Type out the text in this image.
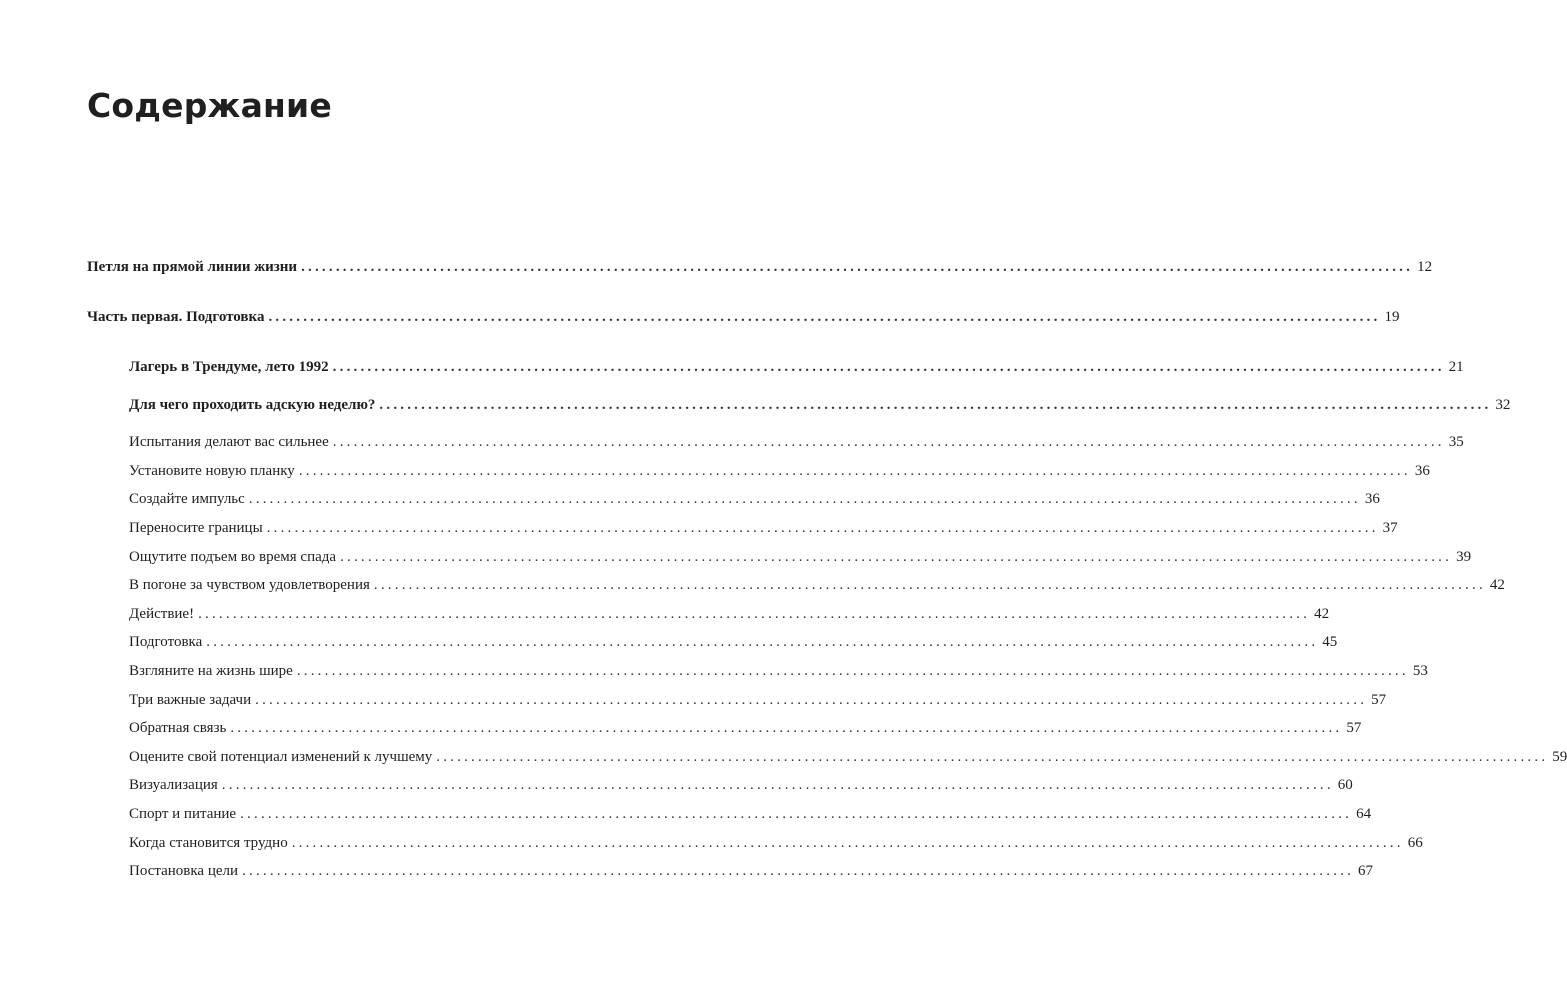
Содержание
Петля на прямой линии жизни ................................................................................................................................................................ 12
Часть первая. Подготовка ................................................................................................................................................................ 19
Лагерь в Трендуме, лето 1992 ................................................................................................................................................................ 21
Для чего проходить адскую неделю? ................................................................................................................................................................ 32
Испытания делают вас сильнее ................................................................................................................................................................ 35
Установите новую планку ................................................................................................................................................................ 36
Создайте импульс ................................................................................................................................................................ 36
Переносите границы ................................................................................................................................................................ 37
Ощутите подъем во время спада ................................................................................................................................................................ 39
В погоне за чувством удовлетворения ................................................................................................................................................................ 42
Действие! ................................................................................................................................................................ 42
Подготовка ................................................................................................................................................................ 45
Взгляните на жизнь шире ................................................................................................................................................................ 53
Три важные задачи ................................................................................................................................................................ 57
Обратная связь ................................................................................................................................................................ 57
Оцените свой потенциал изменений к лучшему ................................................................................................................................................................ 59
Визуализация ................................................................................................................................................................ 60
Спорт и питание ................................................................................................................................................................ 64
Когда становится трудно ................................................................................................................................................................ 66
Постановка цели ................................................................................................................................................................ 67
